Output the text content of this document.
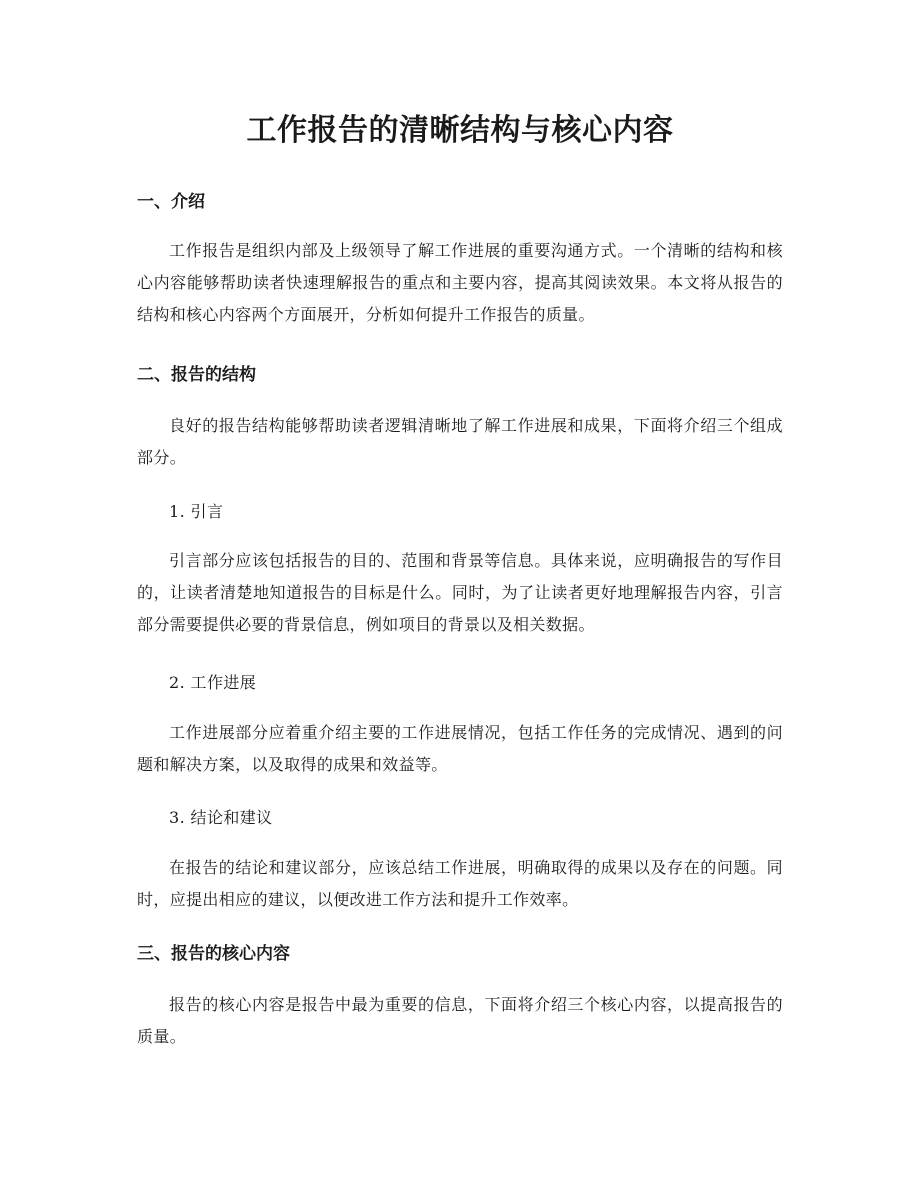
工作报告的清晰结构与核心内容
一、介绍

工作报告是组织内部及上级领导了解工作进展的重要沟通方式。一个清晰的结构和核心内容能够帮助读者快速理解报告的重点和主要内容，提高其阅读效果。本文将从报告的结构和核心内容两个方面展开，分析如何提升工作报告的质量。

二、报告的结构

良好的报告结构能够帮助读者逻辑清晰地了解工作进展和成果，下面将介绍三个组成部分。

1. 引言

引言部分应该包括报告的目的、范围和背景等信息。具体来说，应明确报告的写作目的，让读者清楚地知道报告的目标是什么。同时，为了让读者更好地理解报告内容，引言部分需要提供必要的背景信息，例如项目的背景以及相关数据。

2. 工作进展

工作进展部分应着重介绍主要的工作进展情况，包括工作任务的完成情况、遇到的问题和解决方案，以及取得的成果和效益等。

3. 结论和建议

在报告的结论和建议部分，应该总结工作进展，明确取得的成果以及存在的问题。同时，应提出相应的建议，以便改进工作方法和提升工作效率。

三、报告的核心内容

报告的核心内容是报告中最为重要的信息，下面将介绍三个核心内容，以提高报告的质量。
